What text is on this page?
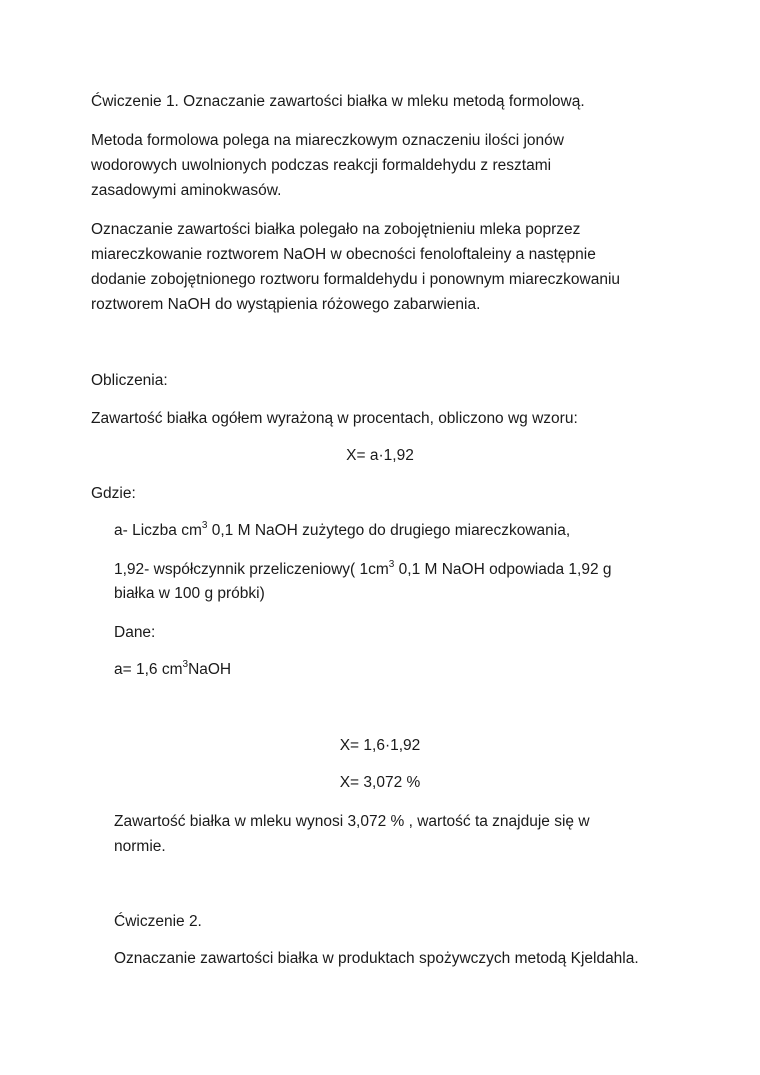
Ćwiczenie 1. Oznaczanie zawartości białka w mleku metodą formolową.
Metoda formolowa polega na miareczkowym oznaczeniu ilości jonów
wodorowych uwolnionych podczas reakcji formaldehydu z resztami
zasadowymi aminokwasów.
Oznaczanie zawartości białka polegało na zobojętnieniu mleka poprzez
miareczkowanie roztworem NaOH w obecności fenoloftaleiny a następnie
dodanie zobojętnionego roztworu formaldehydu i ponownym miareczkowaniu
roztworem NaOH do wystąpienia różowego zabarwienia.
Obliczenia:
Zawartość białka ogółem wyrażoną w procentach, obliczono wg wzoru:
X= a·1,92
Gdzie:
a- Liczba $cm^3$ 0,1 M NaOH zużytego do drugiego miareczkowania,
1,92- współczynnik przeliczeniowy( $1cm^3$ 0,1 M NaOH odpowiada 1,92 g
białka w 100 g próbki)
Dane:
a= 1,6 $cm^3NaOH$
X= 1,6·1,92
X= 3,072 %
Zawartość białka w mleku wynosi 3,072 % , wartość ta znajduje się w
normie.
Ćwiczenie 2.
Oznaczanie zawartości białka w produktach spożywczych metodą Kjeldahla.
